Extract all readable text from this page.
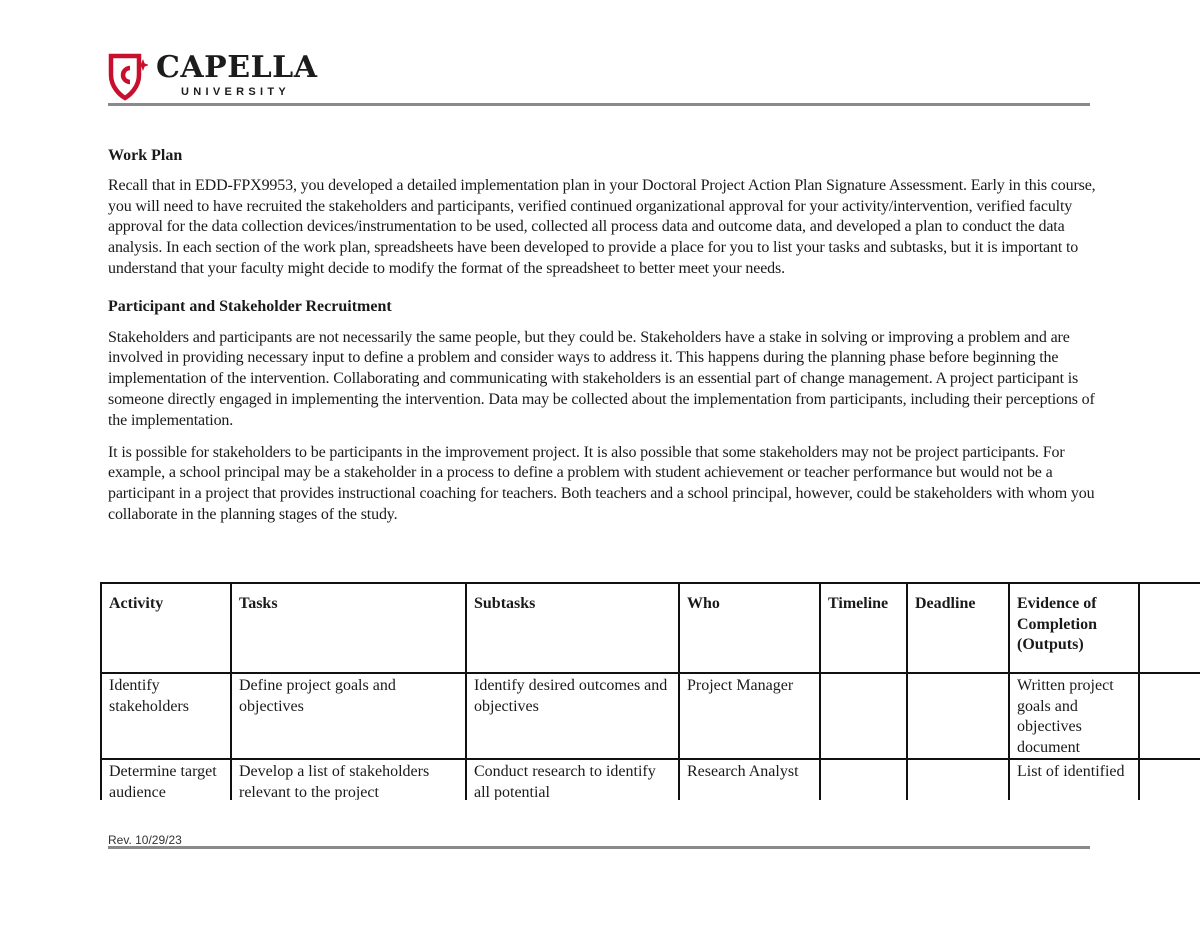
CAPELLA
UNIVERSITY

Work Plan

Recall that in EDD-FPX9953, you developed a detailed implementation plan in your Doctoral Project Action Plan Signature Assessment. Early in this course, you will need to have recruited the stakeholders and participants, verified continued organizational approval for your activity/intervention, verified faculty approval for the data collection devices/instrumentation to be used, collected all process data and outcome data, and developed a plan to conduct the data analysis. In each section of the work plan, spreadsheets have been developed to provide a place for you to list your tasks and subtasks, but it is important to understand that your faculty might decide to modify the format of the spreadsheet to better meet your needs.

Participant and Stakeholder Recruitment

Stakeholders and participants are not necessarily the same people, but they could be. Stakeholders have a stake in solving or improving a problem and are involved in providing necessary input to define a problem and consider ways to address it. This happens during the planning phase before beginning the implementation of the intervention. Collaborating and communicating with stakeholders is an essential part of change management. A project participant is someone directly engaged in implementing the intervention. Data may be collected about the implementation from participants, including their perceptions of the implementation.

It is possible for stakeholders to be participants in the improvement project. It is also possible that some stakeholders may not be project participants. For example, a school principal may be a stakeholder in a process to define a problem with student achievement or teacher performance but would not be a participant in a project that provides instructional coaching for teachers. Both teachers and a school principal, however, could be stakeholders with whom you collaborate in the planning stages of the study.

Activity	Tasks	Subtasks	Who	Timeline	Deadline	Evidence of Completion (Outputs)	
Identify stakeholders	Define project goals and objectives	Identify desired outcomes and objectives	Project Manager			Written project goals and objectives document	
Determine target audience	Develop a list of stakeholders relevant to the project	Conduct research to identify all potential	Research Analyst			List of identified	
Rev. 10/29/23
